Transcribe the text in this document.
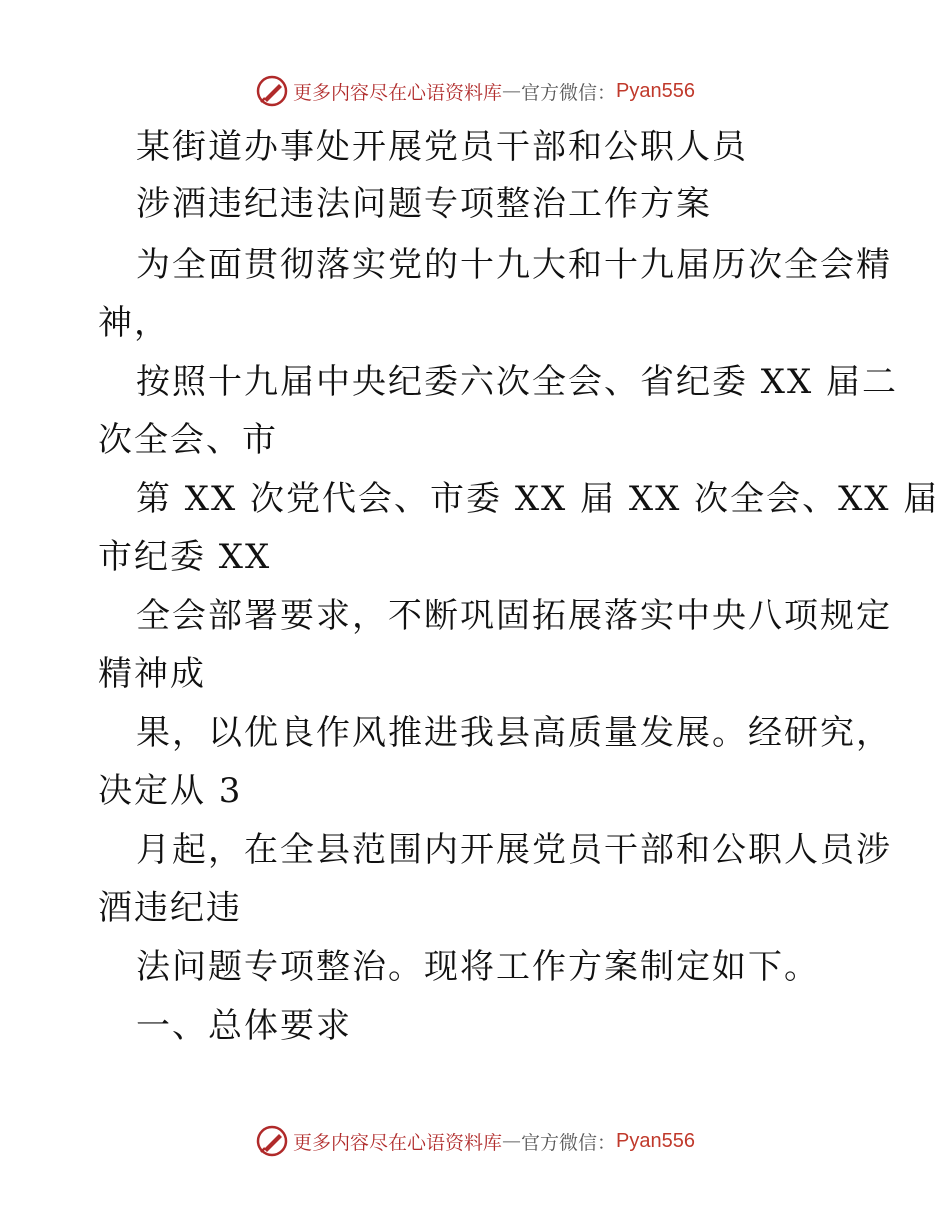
更多内容尽在心语资料库 — 官方微信： Pyan556
某街道办事处开展党员干部和公职人员
涉酒违纪违法问题专项整治工作方案
为全面贯彻落实党的十九大和十九届历次全会精
神，
按照十九届中央纪委六次全会、省纪委 XX 届二
次全会、市
第 XX 次党代会、市委 XX 届 XX 次全会、XX 届
市纪委 XX
全会部署要求，不断巩固拓展落实中央八项规定
精神成
果，以优良作风推进我县高质量发展。经研究，
决定从 3
月起，在全县范围内开展党员干部和公职人员涉
酒违纪违
法问题专项整治。现将工作方案制定如下。
一、总体要求
更多内容尽在心语资料库 — 官方微信： Pyan556
